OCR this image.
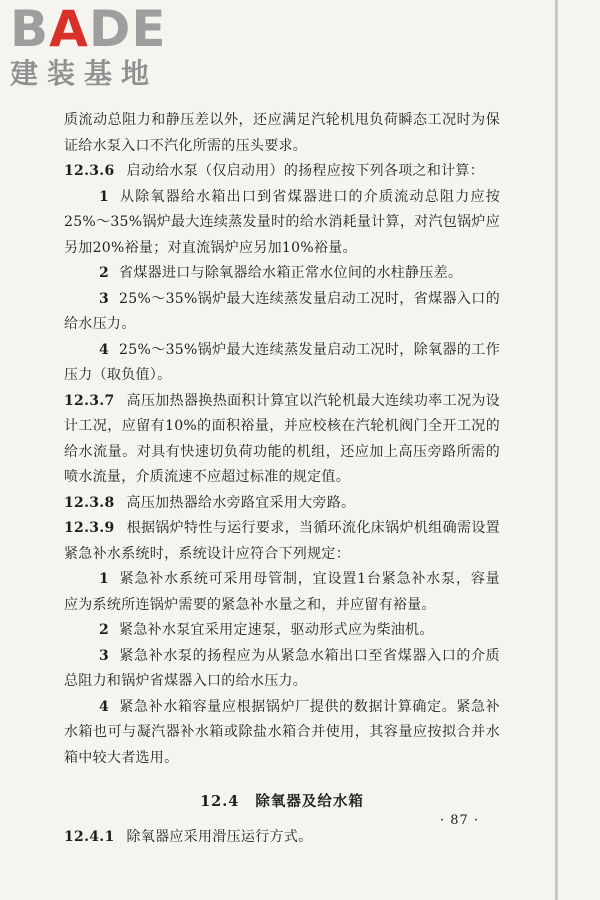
BADE
建装基地

质流动总阻力和静压差以外，还应满足汽轮机甩负荷瞬态工况时为保证给水泵入口不汽化所需的压头要求。

12.3.6 启动给水泵（仅启动用）的扬程应按下列各项之和计算：

1 从除氧器给水箱出口到省煤器进口的介质流动总阻力应按25%～35%锅炉最大连续蒸发量时的给水消耗量计算，对汽包锅炉应另加20%裕量；对直流锅炉应另加10%裕量。

2 省煤器进口与除氧器给水箱正常水位间的水柱静压差。

3 25%～35%锅炉最大连续蒸发量启动工况时，省煤器入口的给水压力。

4 25%～35%锅炉最大连续蒸发量启动工况时，除氧器的工作压力（取负值）。

12.3.7 高压加热器换热面积计算宜以汽轮机最大连续功率工况为设计工况，应留有10%的面积裕量，并应校核在汽轮机阀门全开工况的给水流量。对具有快速切负荷功能的机组，还应加上高压旁路所需的喷水流量，介质流速不应超过标准的规定值。

12.3.8 高压加热器给水旁路宜采用大旁路。

12.3.9 根据锅炉特性与运行要求，当循环流化床锅炉机组确需设置紧急补水系统时，系统设计应符合下列规定：

1 紧急补水系统可采用母管制，宜设置1台紧急补水泵，容量应为系统所连锅炉需要的紧急补水量之和，并应留有裕量。

2 紧急补水泵宜采用定速泵，驱动形式应为柴油机。

3 紧急补水泵的扬程应为从紧急水箱出口至省煤器入口的介质总阻力和锅炉省煤器入口的给水压力。

4 紧急补水箱容量应根据锅炉厂提供的数据计算确定。紧急补水箱也可与凝汽器补水箱或除盐水箱合并使用，其容量应按拟合并水箱中较大者选用。

12.4 除氧器及给水箱

12.4.1 除氧器应采用滑压运行方式。

· 87 ·
